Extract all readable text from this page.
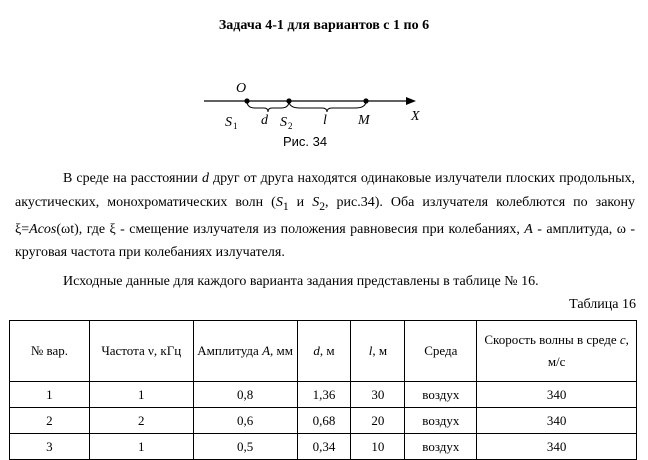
Задача 4-1 для вариантов с 1 по 6
O
X
S 1 d S 2 l M
Рис. 34
В среде на расстоянии d друг от друга находятся одинаковые излучатели плоских продольных, акустических, монохроматических волн ($S_1$ и $S_2$, рис.34). Оба излучателя колеблются по закону ξ=Acos(ωt), где ξ - смещение излучателя из положения равновесия при колебаниях, A - амплитуда, ω - круговая частота при колебаниях излучателя.
Исходные данные для каждого варианта задания представлены в таблице № 16.
Таблица 16
№ вар.	Частота ν, кГц	Амплитуда A, мм	d, м	l, м	Среда	Скорость волны в среде c, м/с
1	1	0,8	1,36	30	воздух	340
2	2	0,6	0,68	20	воздух	340
3	1	0,5	0,34	10	воздух	340
